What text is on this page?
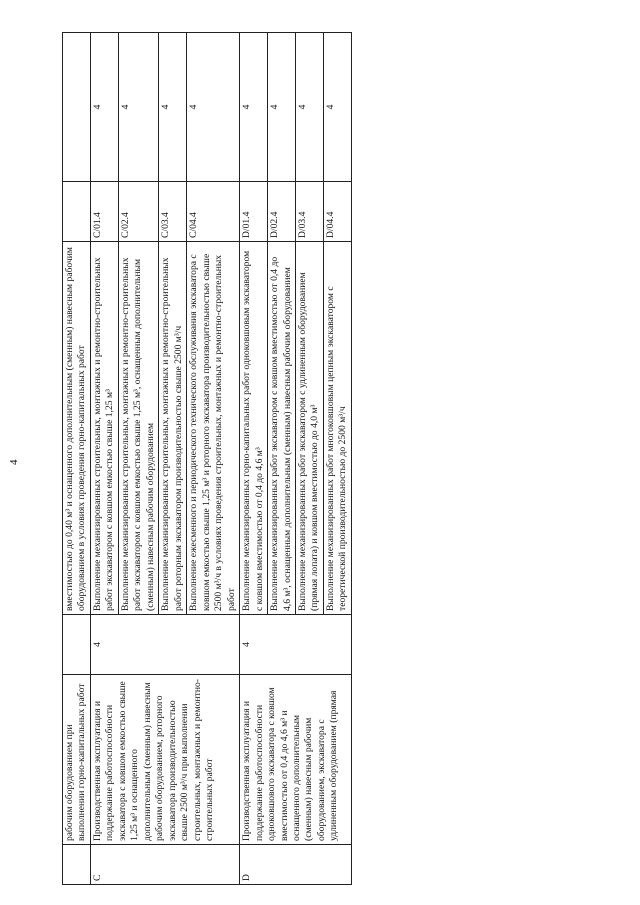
4
	рабочим оборудованием при выполнении горно-капитальных работ		вместимостью до 0,40 м³ и оснащенного дополнительным (сменным) навесным рабочим оборудованием в условиях проведения горно-капитальных работ		
C	Производственная эксплуатация и поддержание работоспособности экскаватора с ковшом емкостью свыше 1,25 м³ и оснащенного дополнительным (сменным) навесным рабочим оборудованием, роторного экскаватора производительностью свыше 2500 м³/ч при выполнении строительных, монтажных и ремонтно-строительных работ	4	Выполнение механизированных строительных, монтажных и ремонтно-строительных работ экскаватором с ковшом емкостью свыше 1,25 м³	C/01.4	4
			Выполнение механизированных строительных, монтажных и ремонтно-строительных работ экскаватором с ковшом емкостью свыше 1,25 м³, оснащенным дополнительным (сменным) навесным рабочим оборудованием	C/02.4	4
			Выполнение механизированных строительных, монтажных и ремонтно-строительных работ роторным экскаватором производительностью свыше 2500 м³/ч	C/03.4	4
			Выполнение ежесменного и периодического технического обслуживания экскаватора с ковшом емкостью свыше 1,25 м³ и роторного экскаватора производительностью свыше 2500 м³/ч в условиях проведения строительных, монтажных и ремонтно-строительных работ	C/04.4	4
D	Производственная эксплуатация и поддержание работоспособности одноковшового экскаватора с ковшом вместимостью от 0,4 до 4,6 м³ и оснащенного дополнительным (сменным) навесным рабочим оборудованием, экскаватора с удлиненным оборудованием (прямая	4	Выполнение механизированных горно-капитальных работ одноковшовым экскаватором с ковшом вместимостью от 0,4 до 4,6 м³	D/01.4	4
			Выполнение механизированных работ экскаватором с ковшом вместимостью от 0,4 до 4,6 м³, оснащенным дополнительным (сменным) навесным рабочим оборудованием	D/02.4	4
			Выполнение механизированных работ экскаватором с удлиненным оборудованием (прямая лопата) и ковшом вместимостью до 4,0 м³	D/03.4	4
			Выполнение механизированных работ многоковшовым цепным экскаватором с теоретической производительностью до 2500 м³/ч	D/04.4	4
